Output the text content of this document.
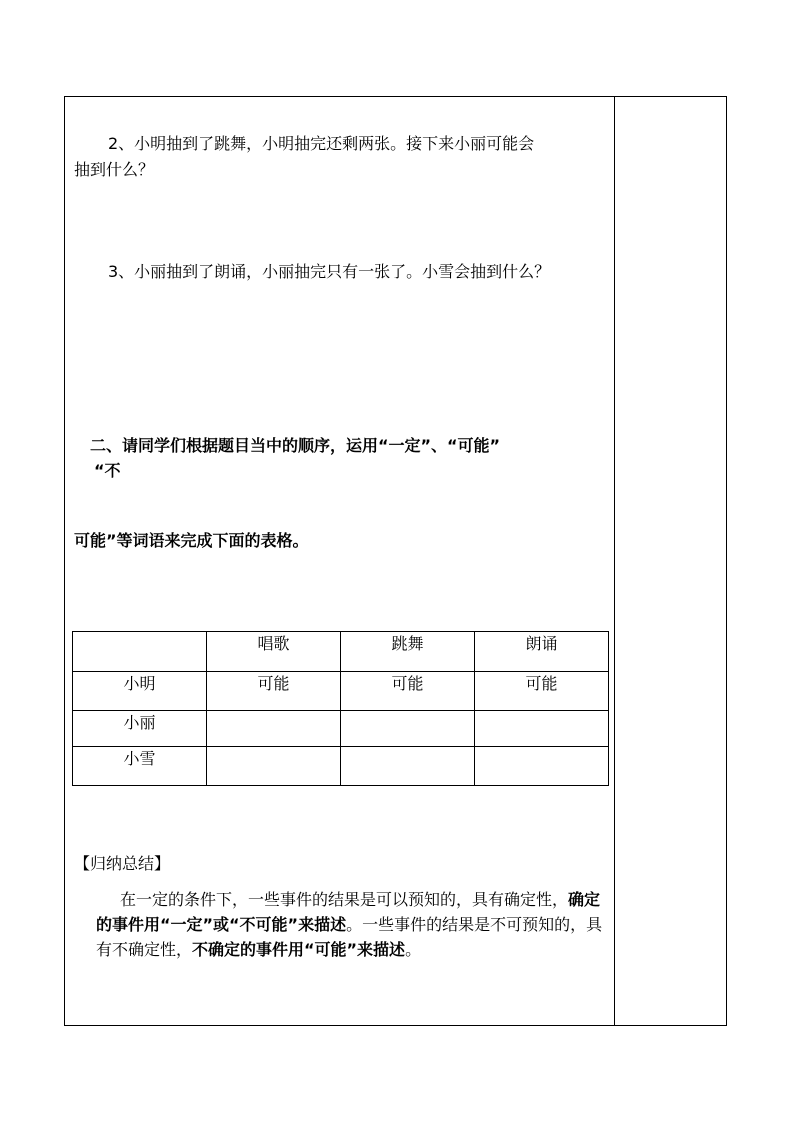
2、小明抽到了跳舞，小明抽完还剩两张。接下来小丽可能会
抽到什么？
3、小丽抽到了朗诵，小丽抽完只有一张了。小雪会抽到什么？
二、请同学们根据题目当中的顺序，运用“一定”、“可能”
“不
可能”等词语来完成下面的表格。
	唱歌	跳舞	朗诵
小明	可能	可能	可能
小丽			
小雪			
【归纳总结】
在一定的条件下，一些事件的结果是可以预知的，具有确定性，确定的事件用“一定”或“不可能”来描述。一些事件的结果是不可预知的，具有不确定性，不确定的事件用“可能”来描述。
